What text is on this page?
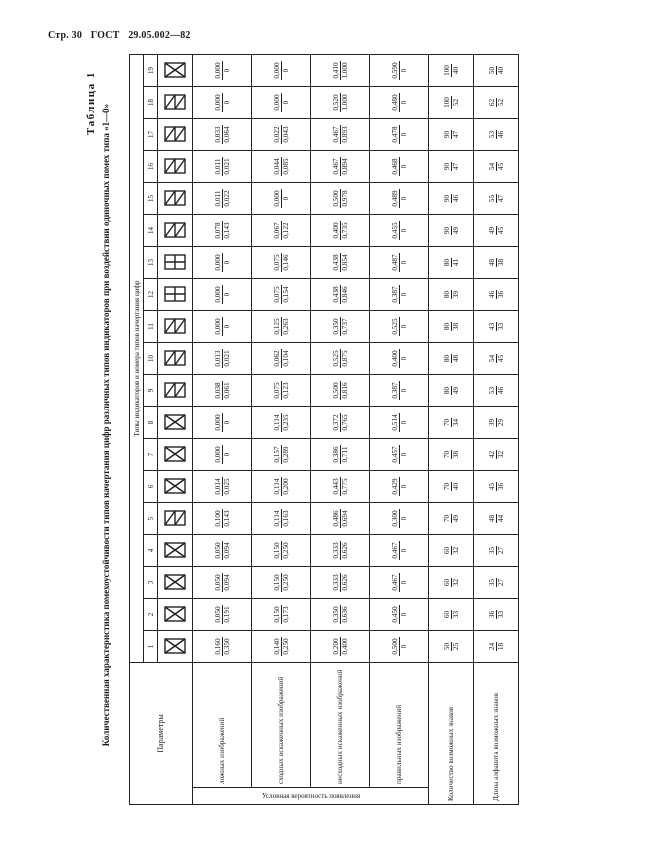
Стр. 30 ГОСТ 29.05.002—82
Таблица 1
Количественная характеристика помехоустойчивости типов начертания цифр различных типов индикаторов при воздействии одиночных помех типа «1—0»	Параметры		Типы индикаторов и номера типов начертания цифр																		
		1	2	3	4	5	6	7	8	9	10	11	12	13	14	15	16	17	18	19

Условная вероятность появления	ложных изображений	0,160 0,350	0,050 0,191	0,050 0,094	0,050 0,094	0,100 0,143	0,014 0,025	0,000 0	0,000 0	0,038 0,061	0,013 0,021	0,000 0	0,000 0	0,000 0	0,078 0,143	0,011 0,022	0,011 0,021	0,033 0,064	0,000 0	0,000 0

	сходных искаженных изображений	0,140 0,250	0,150 0,173	0,150 0,250	0,150 0,250	0,114 0,163	0,114 0,200	0,157 0,289	0,114 0,235	0,075 0,123	0,062 0,104	0,125 0,263	0,075 0,154	0,075 0,146	0,067 0,122	0,000 0	0,044 0,085	0,022 0,043	0,000 0	0,000 0

	несходных искаженных изображений	0,200 0,400	0,350 0,636	0,333 0,626	0,333 0,626	0,486 0,694	0,443 0,775	0,386 0,711	0,372 0,765	0,500 0,816	0,525 0,875	0,350 0,737	0,438 0,846	0,438 0,854	0,400 0,735	0,500 0,978	0,467 0,894	0,467 0,893	0,520 1,000	0,410 1,000

	правильных изображений	0,500 0	0,450 0	0,467 0	0,467 0	0,300 0	0,429 0	0,457 0	0,514 0	0,387 0	0,400 0	0,525 0	0,387 0	0,487 0	0,455 0	0,489 0	0,468 0	0,478 0	0,480 0	0,590 0

Количество возможных знаков		50 25	60 33	60 32	60 32	70 49	70 40	70 38	70 34	80 49	80 48	80 38	80 39	80 41	90 49	90 46	90 47	90 47	100 52	100 40

Длина алфавита возможных знаков		24 18	36 33	35 27	35 27	48 44	45 36	42 32	39 29	53 46	54 45	43 33	46 36	48 38	49 45	55 47	54 45	53 46	62 52	50 40
